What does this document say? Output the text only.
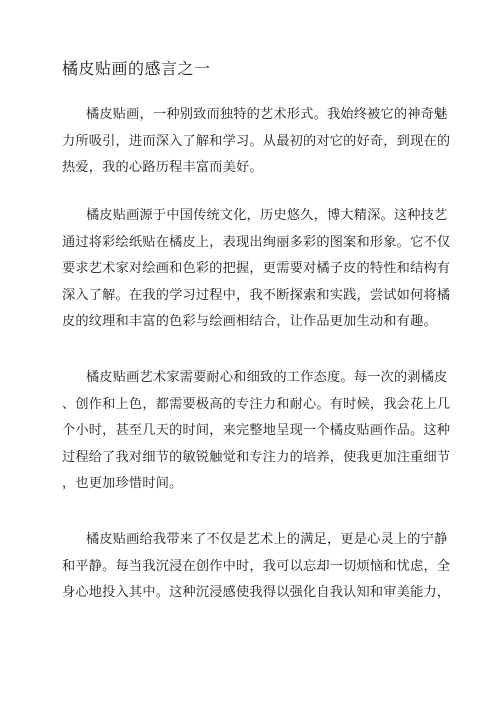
橘皮贴画的感言之一
橘皮贴画，一种别致而独特的艺术形式。我始终被它的神奇魅
力所吸引，进而深入了解和学习。从最初的对它的好奇，到现在的
热爱，我的心路历程丰富而美好。
橘皮贴画源于中国传统文化，历史悠久，博大精深。这种技艺
通过将彩绘纸贴在橘皮上，表现出绚丽多彩的图案和形象。它不仅
要求艺术家对绘画和色彩的把握，更需要对橘子皮的特性和结构有
深入了解。在我的学习过程中，我不断探索和实践，尝试如何将橘
皮的纹理和丰富的色彩与绘画相结合，让作品更加生动和有趣。
橘皮贴画艺术家需要耐心和细致的工作态度。每一次的剥橘皮
、创作和上色，都需要极高的专注力和耐心。有时候，我会花上几
个小时，甚至几天的时间，来完整地呈现一个橘皮贴画作品。这种
过程给了我对细节的敏锐触觉和专注力的培养，使我更加注重细节
，也更加珍惜时间。
橘皮贴画给我带来了不仅是艺术上的满足，更是心灵上的宁静
和平静。每当我沉浸在创作中时，我可以忘却一切烦恼和忧虑，全
身心地投入其中。这种沉浸感使我得以强化自我认知和审美能力，
